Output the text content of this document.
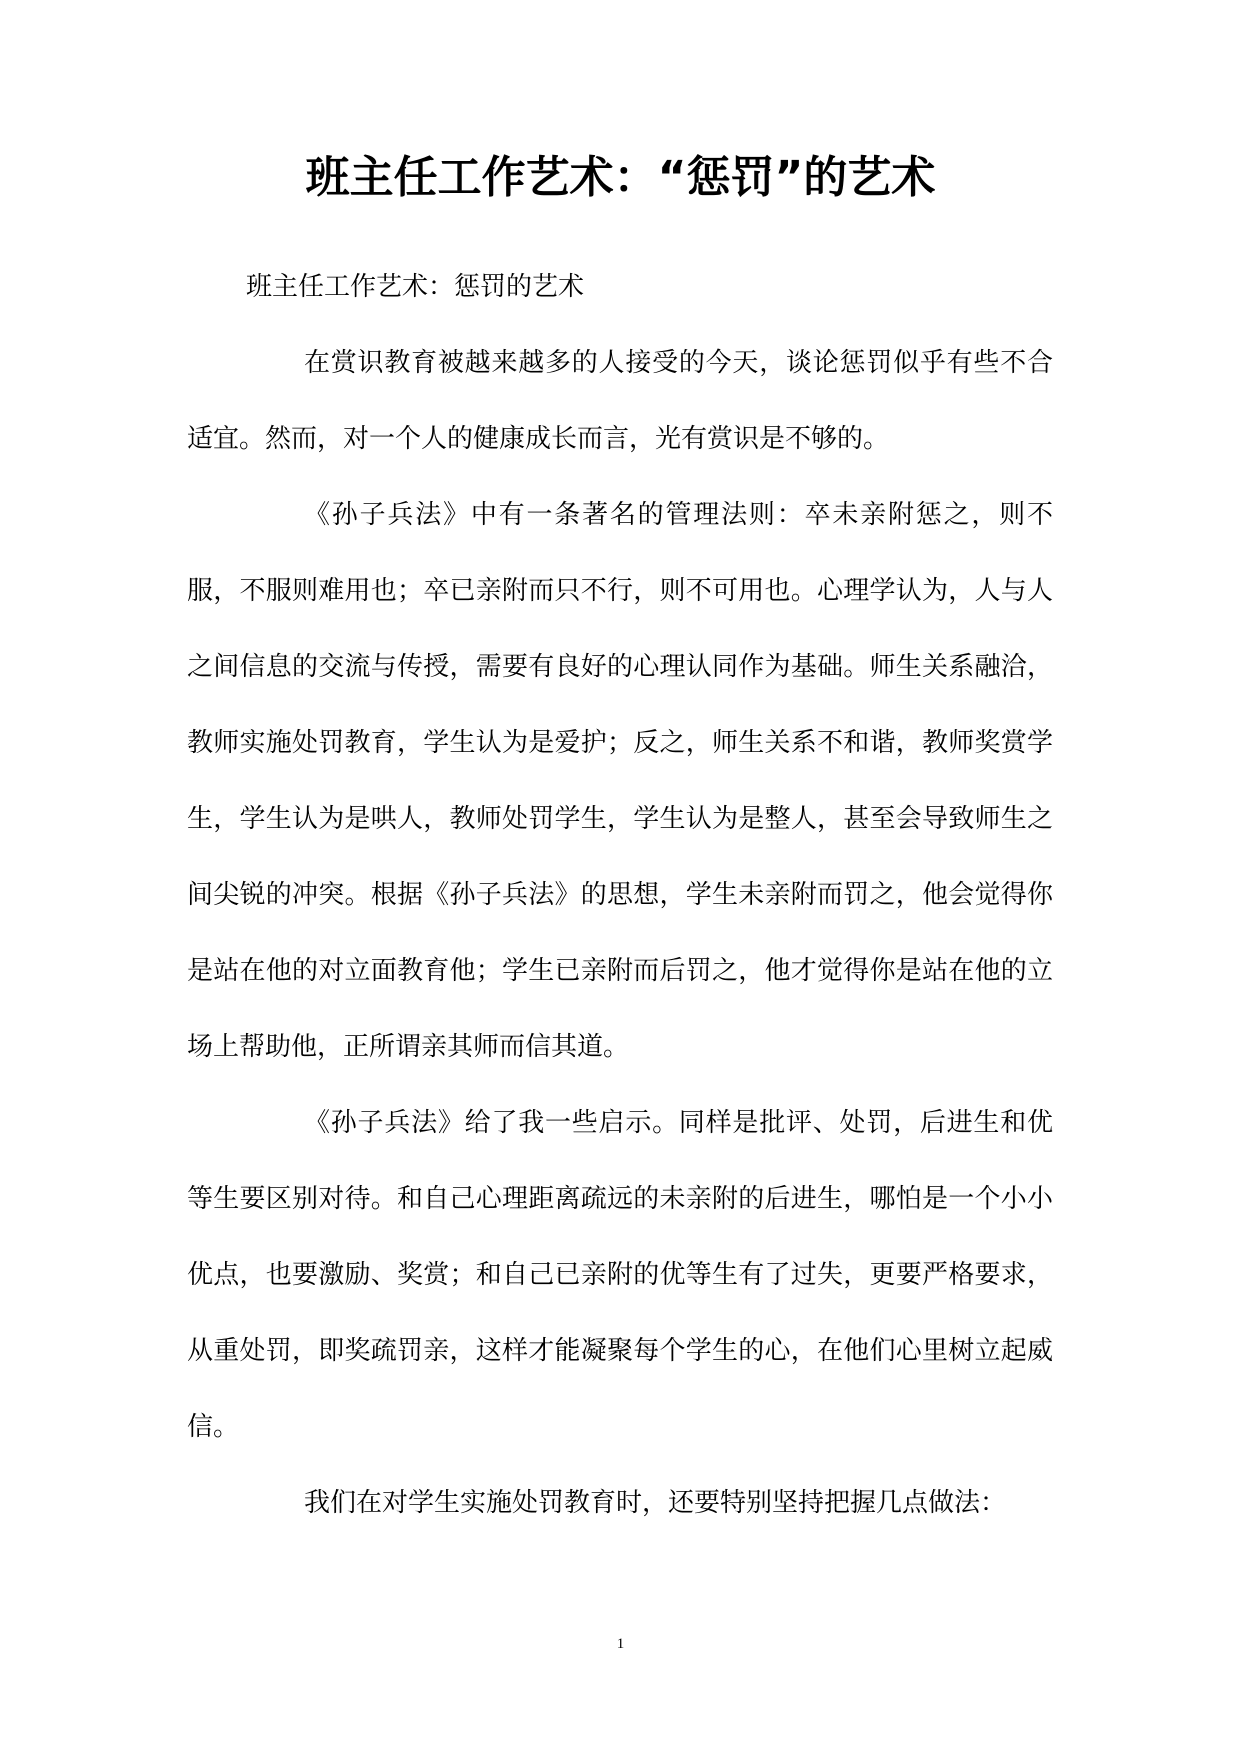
班主任工作艺术：“惩罚”的艺术

班主任工作艺术：惩罚的艺术

在赏识教育被越来越多的人接受的今天，谈论惩罚似乎有些不合适宜。然而，对一个人的健康成长而言，光有赏识是不够的。

《孙子兵法》中有一条著名的管理法则：卒未亲附惩之，则不服，不服则难用也；卒已亲附而只不行，则不可用也。心理学认为，人与人之间信息的交流与传授，需要有良好的心理认同作为基础。师生关系融洽，教师实施处罚教育，学生认为是爱护；反之，师生关系不和谐，教师奖赏学生，学生认为是哄人，教师处罚学生，学生认为是整人，甚至会导致师生之间尖锐的冲突。根据《孙子兵法》的思想，学生未亲附而罚之，他会觉得你是站在他的对立面教育他；学生已亲附而后罚之，他才觉得你是站在他的立场上帮助他，正所谓亲其师而信其道。

《孙子兵法》给了我一些启示。同样是批评、处罚，后进生和优等生要区别对待。和自己心理距离疏远的未亲附的后进生，哪怕是一个小小优点，也要激励、奖赏；和自己已亲附的优等生有了过失，更要严格要求，从重处罚，即奖疏罚亲，这样才能凝聚每个学生的心，在他们心里树立起威信。

我们在对学生实施处罚教育时，还要特别坚持把握几点做法：

1
